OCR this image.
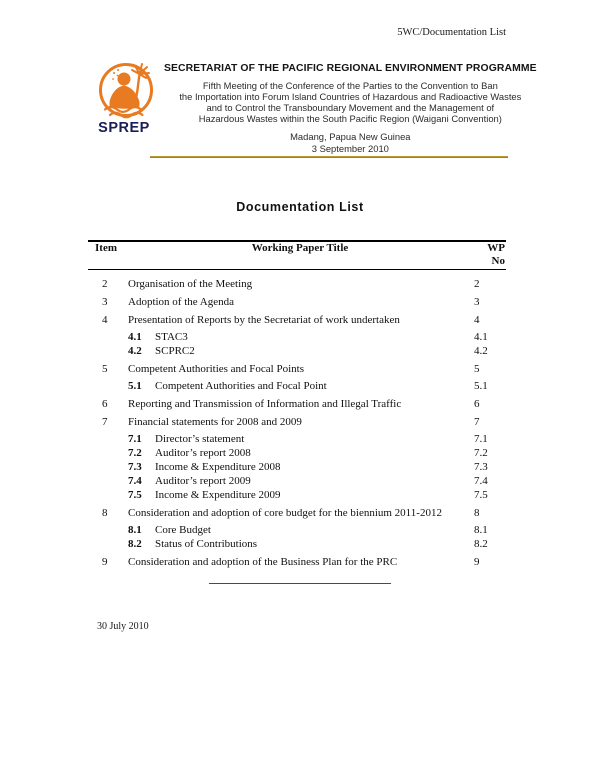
5WC/Documentation List
SPREP
SECRETARIAT OF THE PACIFIC REGIONAL ENVIRONMENT PROGRAMME
Fifth Meeting of the Conference of the Parties to the Convention to Ban
the Importation into Forum Island Countries of Hazardous and Radioactive Wastes
and to Control the Transboundary Movement and the Management of
Hazardous Wastes within the South Pacific Region (Waigani Convention)
Madang, Papua New Guinea
3 September 2010
Documentation List
Item	Working Paper Title	WP No
2	Organisation of the Meeting	2
3	Adoption of the Agenda	3
4	Presentation of Reports by the Secretariat of work undertaken	4
4.1 STAC3	4.1
4.2 SCPRC2	4.2
5	Competent Authorities and Focal Points	5
5.1 Competent Authorities and Focal Point	5.1
6	Reporting and Transmission of Information and Illegal Traffic	6
7	Financial statements for 2008 and 2009	7
7.1 Director’s statement	7.1
7.2 Auditor’s report 2008	7.2
7.3 Income & Expenditure 2008	7.3
7.4 Auditor’s report 2009	7.4
7.5 Income & Expenditure 2009	7.5
8	Consideration and adoption of core budget for the biennium 2011-2012	8
8.1 Core Budget	8.1
8.2 Status of Contributions	8.2
9	Consideration and adoption of the Business Plan for the PRC	9
30 July 2010
